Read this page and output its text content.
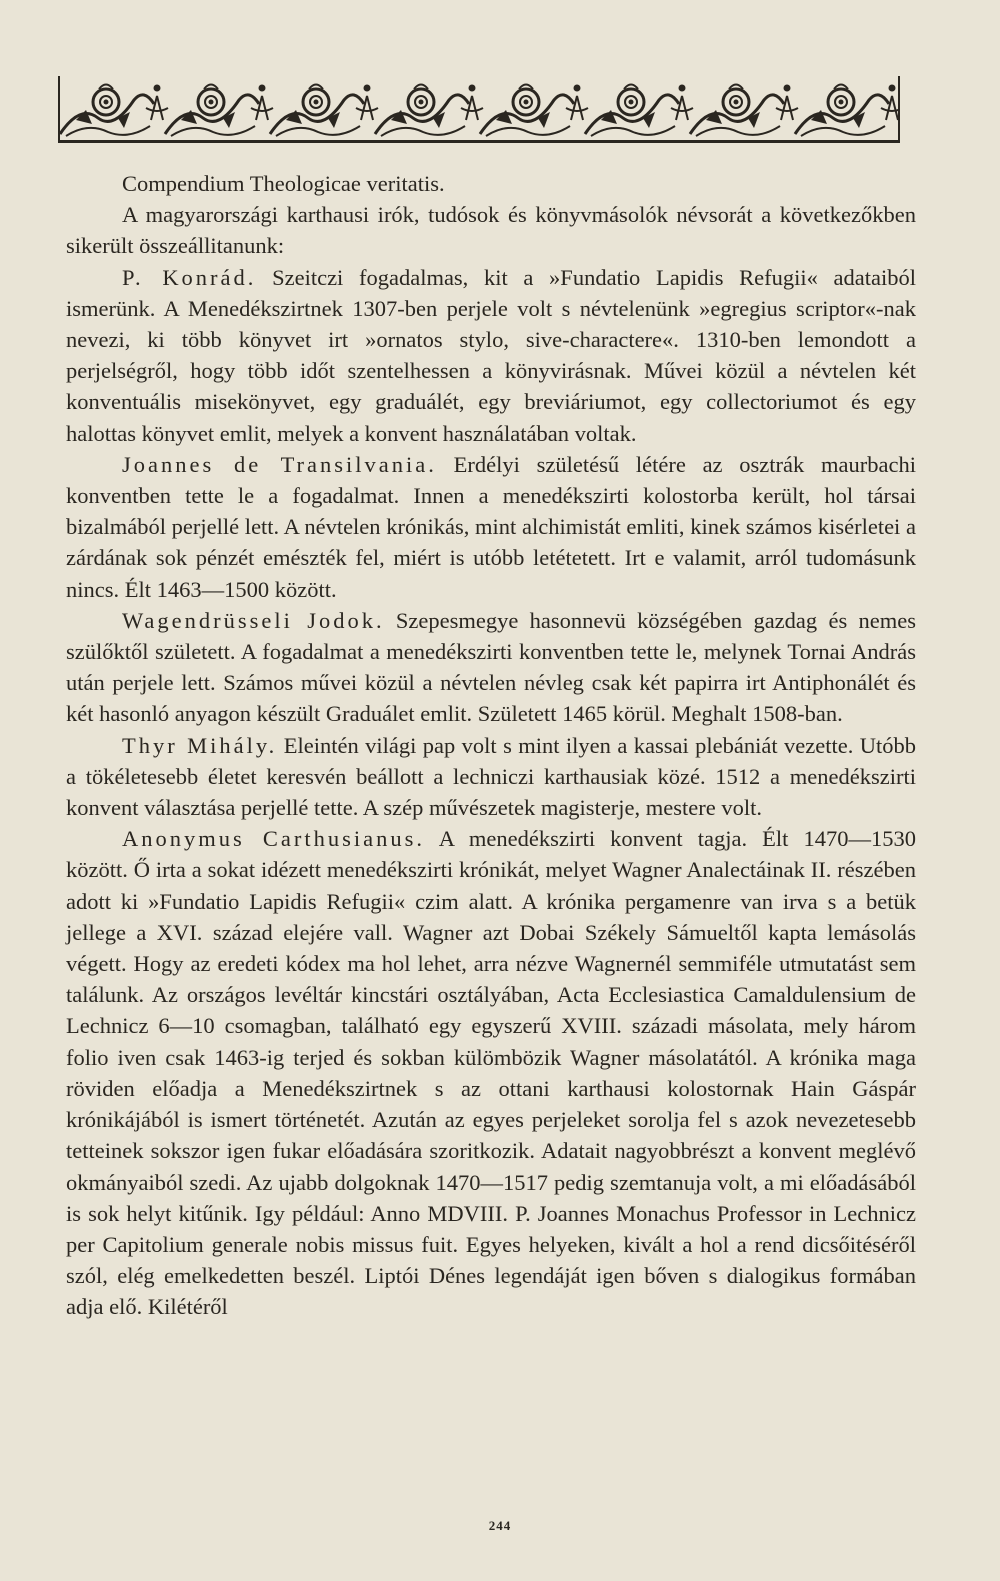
Compendium Theologicae veritatis.

A magyarországi karthausi irók, tudósok és könyvmásolók névsorát a következőkben sikerült összeállitanunk:

P. Konrád. Szeitczi fogadalmas, kit a »Fundatio Lapidis Refugii« adataiból ismerünk. A Menedékszirtnek 1307-ben perjele volt s névtelenünk »egregius scriptor«-nak nevezi, ki több könyvet irt »ornatos stylo, sive-charactere«. 1310-ben lemondott a perjelségről, hogy több időt szentelhessen a könyvirásnak. Művei közül a névtelen két konventuális misekönyvet, egy graduálét, egy breviáriumot, egy collectoriumot és egy halottas könyvet emlit, melyek a konvent használatában voltak.

Joannes de Transilvania. Erdélyi születésű létére az osztrák maurbachi konventben tette le a fogadalmat. Innen a menedékszirti kolostorba került, hol társai bizalmából perjellé lett. A névtelen krónikás, mint alchimistát emliti, kinek számos kisérletei a zárdának sok pénzét emészték fel, miért is utóbb letétetett. Irt e valamit, arról tudomásunk nincs. Élt 1463—1500 között.

Wagendrüsseli Jodok. Szepesmegye hasonnevü községében gazdag és nemes szülőktől született. A fogadalmat a menedékszirti konventben tette le, melynek Tornai András után perjele lett. Számos művei közül a névtelen névleg csak két papirra irt Antiphonálét és két hasonló anyagon készült Graduálet emlit. Született 1465 körül. Meghalt 1508-ban.

Thyr Mihály. Eleintén világi pap volt s mint ilyen a kassai plebániát vezette. Utóbb a tökéletesebb életet keresvén beállott a lechniczi karthausiak közé. 1512 a menedékszirti konvent választása perjellé tette. A szép művészetek magisterje, mestere volt.

Anonymus Carthusianus. A menedékszirti konvent tagja. Élt 1470—1530 között. Ő irta a sokat idézett menedékszirti krónikát, melyet Wagner Analectáinak II. részében adott ki »Fundatio Lapidis Refugii« czim alatt. A krónika pergamenre van irva s a betük jellege a XVI. század elejére vall. Wagner azt Dobai Székely Sámueltől kapta lemásolás végett. Hogy az eredeti kódex ma hol lehet, arra nézve Wagnernél semmiféle utmutatást sem találunk. Az országos levéltár kincstári osztályában, Acta Ecclesiastica Camaldulensium de Lechnicz 6—10 csomagban, található egy egyszerű XVIII. századi másolata, mely három folio iven csak 1463-ig terjed és sokban külömbözik Wagner másolatától. A krónika maga röviden előadja a Menedékszirtnek s az ottani karthausi kolostornak Hain Gáspár krónikájából is ismert történetét. Azután az egyes perjeleket sorolja fel s azok nevezetesebb tetteinek sokszor igen fukar előadására szoritkozik. Adatait nagyobbrészt a konvent meglévő okmányaiból szedi. Az ujabb dolgoknak 1470—1517 pedig szemtanuja volt, a mi előadásából is sok helyt kitűnik. Igy például: Anno MDVIII. P. Joannes Monachus Professor in Lechnicz per Capitolium generale nobis missus fuit. Egyes helyeken, kivált a hol a rend dicsőitéséről szól, elég emelkedetten beszél. Liptói Dénes legendáját igen bőven s dialogikus formában adja elő. Kilétéről

244
